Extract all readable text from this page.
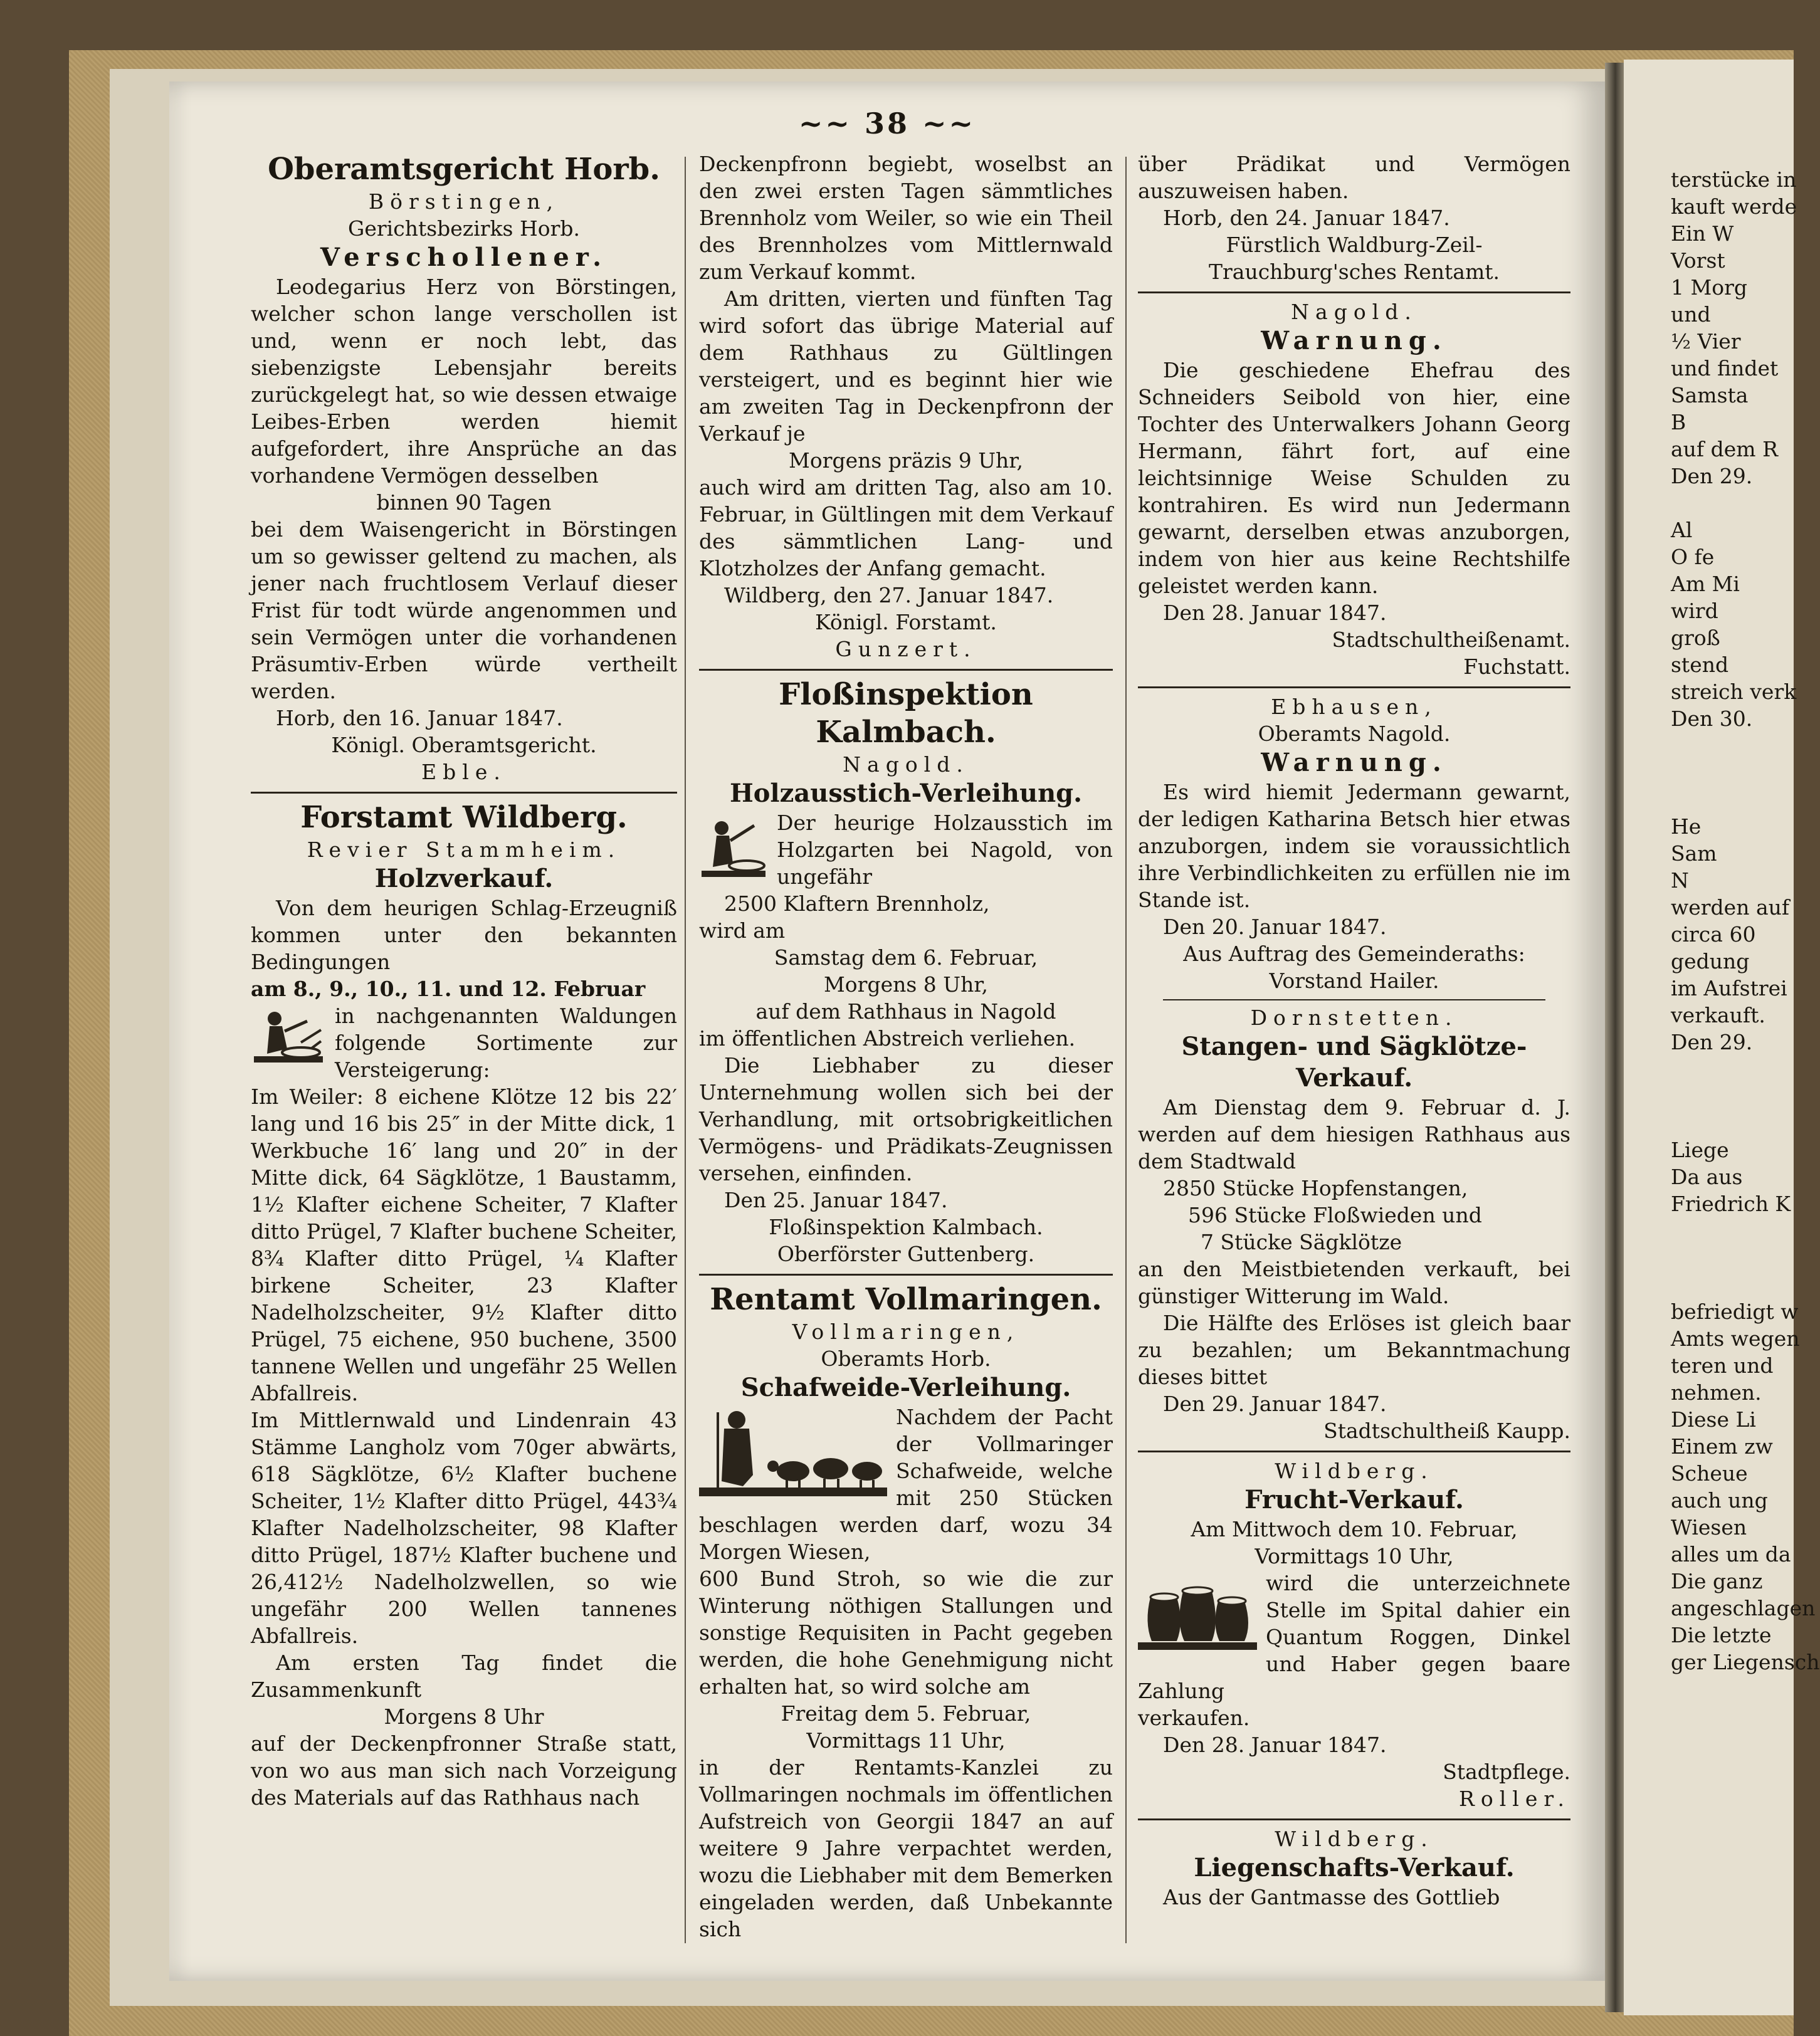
~~ 38 ~~

Oberamtsgericht Horb.

Börstingen,

Gerichtsbezirks Horb.

Verschollener.

Leodegarius Herz von Börstingen, welcher schon lange verschollen ist und, wenn er noch lebt, das siebenzigste Lebensjahr bereits zurückgelegt hat, so wie dessen etwaige Leibes-Erben werden hiemit aufgefordert, ihre Ansprüche an das vorhandene Vermögen desselben

binnen 90 Tagen

bei dem Waisengericht in Börstingen um so gewisser geltend zu machen, als jener nach fruchtlosem Verlauf dieser Frist für todt würde angenommen und sein Vermögen unter die vorhandenen Präsumtiv-Erben würde vertheilt werden.

Horb, den 16. Januar 1847.

Königl. Oberamtsgericht.

Eble.

Forstamt Wildberg.

Revier Stammheim.

Holzverkauf.

Von dem heurigen Schlag-Erzeugniß kommen unter den bekannten Bedingungen

am 8., 9., 10., 11. und 12. Februar

in nachgenannten Waldungen folgende Sortimente zur Versteigerung:

Im Weiler: 8 eichene Klötze 12 bis 22′ lang und 16 bis 25″ in der Mitte dick, 1 Werkbuche 16′ lang und 20″ in der Mitte dick, 64 Sägklötze, 1 Baustamm, 1½ Klafter eichene Scheiter, 7 Klafter ditto Prügel, 7 Klafter buchene Scheiter, 8¾ Klafter ditto Prügel, ¼ Klafter birkene Scheiter, 23 Klafter Nadelholzscheiter, 9½ Klafter ditto Prügel, 75 eichene, 950 buchene, 3500 tannene Wellen und ungefähr 25 Wellen Abfallreis.

Im Mittlernwald und Lindenrain 43 Stämme Langholz vom 70ger abwärts, 618 Sägklötze, 6½ Klafter buchene Scheiter, 1½ Klafter ditto Prügel, 443¾ Klafter Nadelholzscheiter, 98 Klafter ditto Prügel, 187½ Klafter buchene und 26,412½ Nadelholzwellen, so wie ungefähr 200 Wellen tannenes Abfallreis.

Am ersten Tag findet die Zusammenkunft

Morgens 8 Uhr

auf der Deckenpfronner Straße statt, von wo aus man sich nach Vorzeigung des Materials auf das Rathhaus nach

Deckenpfronn begiebt, woselbst an den zwei ersten Tagen sämmtliches Brennholz vom Weiler, so wie ein Theil des Brennholzes vom Mittlernwald zum Verkauf kommt.

Am dritten, vierten und fünften Tag wird sofort das übrige Material auf dem Rathhaus zu Gültlingen versteigert, und es beginnt hier wie am zweiten Tag in Deckenpfronn der Verkauf je

Morgens präzis 9 Uhr,

auch wird am dritten Tag, also am 10. Februar, in Gültlingen mit dem Verkauf des sämmtlichen Lang- und Klotzholzes der Anfang gemacht.

Wildberg, den 27. Januar 1847.

Königl. Forstamt.

Gunzert.

Floßinspektion Kalmbach.

Nagold.

Holzausstich-Verleihung.

Der heurige Holzausstich im Holzgarten bei Nagold, von ungefähr

2500 Klaftern Brennholz,

wird am

Samstag dem 6. Februar,

Morgens 8 Uhr,

auf dem Rathhaus in Nagold

im öffentlichen Abstreich verliehen.

Die Liebhaber zu dieser Unternehmung wollen sich bei der Verhandlung, mit ortsobrigkeitlichen Vermögens- und Prädikats-Zeugnissen versehen, einfinden.

Den 25. Januar 1847.

Floßinspektion Kalmbach.

Oberförster Guttenberg.

Rentamt Vollmaringen.

Vollmaringen,

Oberamts Horb.

Schafweide-Verleihung.

Nachdem der Pacht der Vollmaringer Schafweide, welche mit 250 Stücken beschlagen werden darf, wozu 34 Morgen Wiesen,

600 Bund Stroh, so wie die zur Winterung nöthigen Stallungen und sonstige Requisiten in Pacht gegeben werden, die hohe Genehmigung nicht erhalten hat, so wird solche am

Freitag dem 5. Februar,

Vormittags 11 Uhr,

in der Rentamts-Kanzlei zu Vollmaringen nochmals im öffentlichen Aufstreich von Georgii 1847 an auf weitere 9 Jahre verpachtet werden, wozu die Liebhaber mit dem Bemerken eingeladen werden, daß Unbekannte sich

über Prädikat und Vermögen auszuweisen haben.

Horb, den 24. Januar 1847.

Fürstlich Waldburg-Zeil-Trauchburg'sches Rentamt.

Nagold.

Warnung.

Die geschiedene Ehefrau des Schneiders Seibold von hier, eine Tochter des Unterwalkers Johann Georg Hermann, fährt fort, auf eine leichtsinnige Weise Schulden zu kontrahiren. Es wird nun Jedermann gewarnt, derselben etwas anzuborgen, indem von hier aus keine Rechtshilfe geleistet werden kann.

Den 28. Januar 1847.

Stadtschultheißenamt.

Fuchstatt.

Ebhausen,

Oberamts Nagold.

Warnung.

Es wird hiemit Jedermann gewarnt, der ledigen Katharina Betsch hier etwas anzuborgen, indem sie voraussichtlich ihre Verbindlichkeiten zu erfüllen nie im Stande ist.

Den 20. Januar 1847.

Aus Auftrag des Gemeinderaths:

Vorstand Hailer.

Dornstetten.

Stangen- und Sägklötze-Verkauf.

Am Dienstag dem 9. Februar d. J. werden auf dem hiesigen Rathhaus aus dem Stadtwald

2850 Stücke Hopfenstangen,

596 Stücke Floßwieden und

7 Stücke Sägklötze

an den Meistbietenden verkauft, bei günstiger Witterung im Wald.

Die Hälfte des Erlöses ist gleich baar zu bezahlen; um Bekanntmachung dieses bittet

Den 29. Januar 1847.

Stadtschultheiß Kaupp.

Wildberg.

Frucht-Verkauf.

Am Mittwoch dem 10. Februar,

Vormittags 10 Uhr,

wird die unterzeichnete Stelle im Spital dahier ein Quantum Roggen, Dinkel und Haber gegen baare Zahlung

verkaufen.

Den 28. Januar 1847.

Stadtpflege.

Roller.

Wildberg.

Liegenschafts-Verkauf.

Aus der Gantmasse des Gottlieb

terstücke in
kauft werde
Ein W
Vorst
1 Morg
und
½ Vier
und findet
Samsta
B
auf dem R
Den 29.

Al
O fe
Am Mi
wird
groß
stend
streich verk
Den 30.

He
Sam
N
werden auf
circa 60
gedung
im Aufstrei
verkauft.
Den 29.

Liege
Da aus
Friedrich K

befriedigt w
Amts wegen
teren und
nehmen.
Diese Li
Einem zw
Scheue
auch ung
Wiesen
alles um da
Die ganz
angeschlagen
Die letzte
ger Liegensch
